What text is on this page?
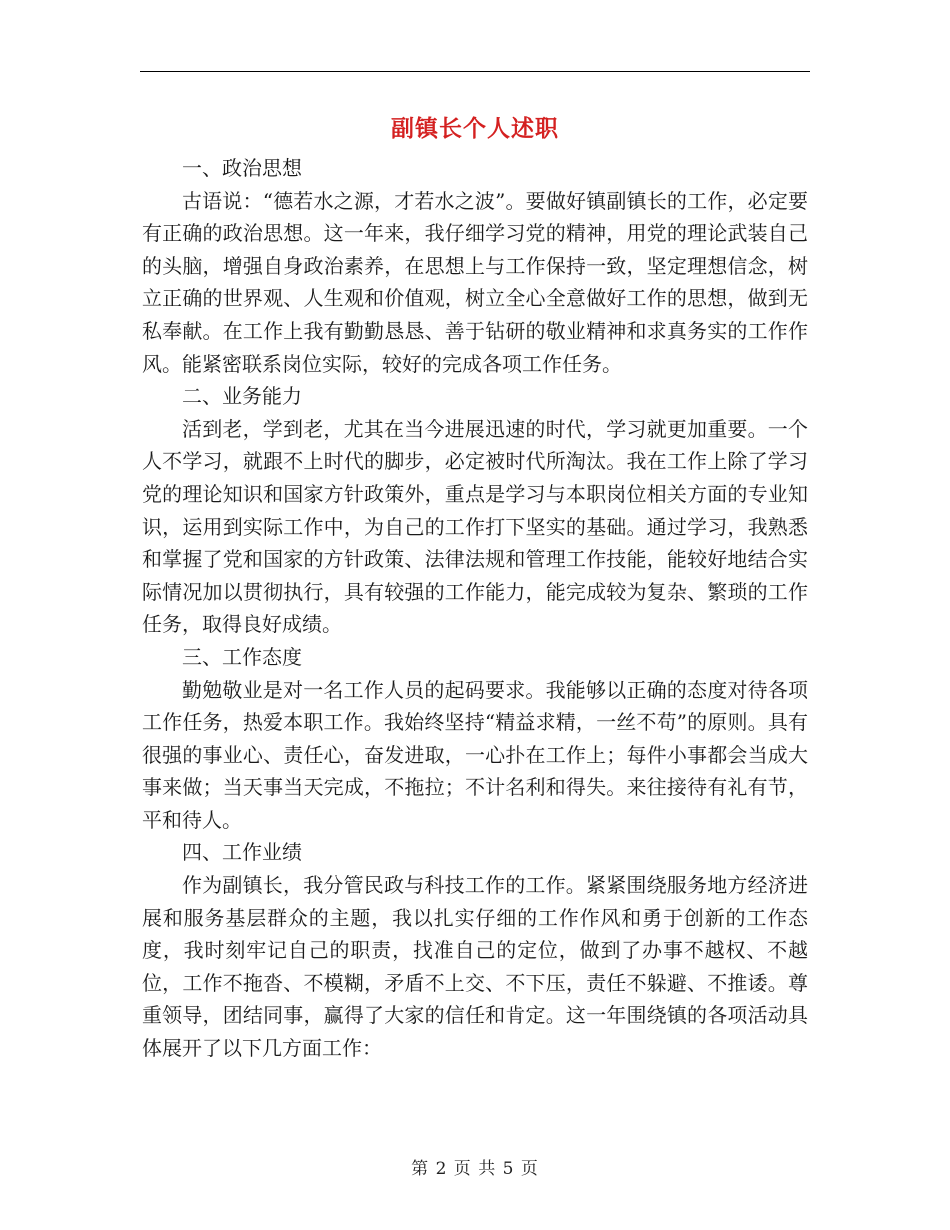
副镇长个人述职

一、政治思想

古语说：“德若水之源，才若水之波”。要做好镇副镇长的工作，必定要有正确的政治思想。这一年来，我仔细学习党的精神，用党的理论武装自己的头脑，增强自身政治素养，在思想上与工作保持一致，坚定理想信念，树立正确的世界观、人生观和价值观，树立全心全意做好工作的思想，做到无私奉献。在工作上我有勤勤恳恳、善于钻研的敬业精神和求真务实的工作作风。能紧密联系岗位实际，较好的完成各项工作任务。

二、业务能力

活到老，学到老，尤其在当今进展迅速的时代，学习就更加重要。一个人不学习，就跟不上时代的脚步，必定被时代所淘汰。我在工作上除了学习党的理论知识和国家方针政策外，重点是学习与本职岗位相关方面的专业知识，运用到实际工作中，为自己的工作打下坚实的基础。通过学习，我熟悉和掌握了党和国家的方针政策、法律法规和管理工作技能，能较好地结合实际情况加以贯彻执行，具有较强的工作能力，能完成较为复杂、繁琐的工作任务，取得良好成绩。

三、工作态度

勤勉敬业是对一名工作人员的起码要求。我能够以正确的态度对待各项工作任务，热爱本职工作。我始终坚持“精益求精，一丝不苟”的原则。具有很强的事业心、责任心，奋发进取，一心扑在工作上；每件小事都会当成大事来做；当天事当天完成，不拖拉；不计名利和得失。来往接待有礼有节，平和待人。

四、工作业绩

作为副镇长，我分管民政与科技工作的工作。紧紧围绕服务地方经济进展和服务基层群众的主题，我以扎实仔细的工作作风和勇于创新的工作态度，我时刻牢记自己的职责，找准自己的定位，做到了办事不越权、不越位，工作不拖沓、不模糊，矛盾不上交、不下压，责任不躲避、不推诿。尊重领导，团结同事，赢得了大家的信任和肯定。这一年围绕镇的各项活动具体展开了以下几方面工作：

第 2 页 共 5 页
